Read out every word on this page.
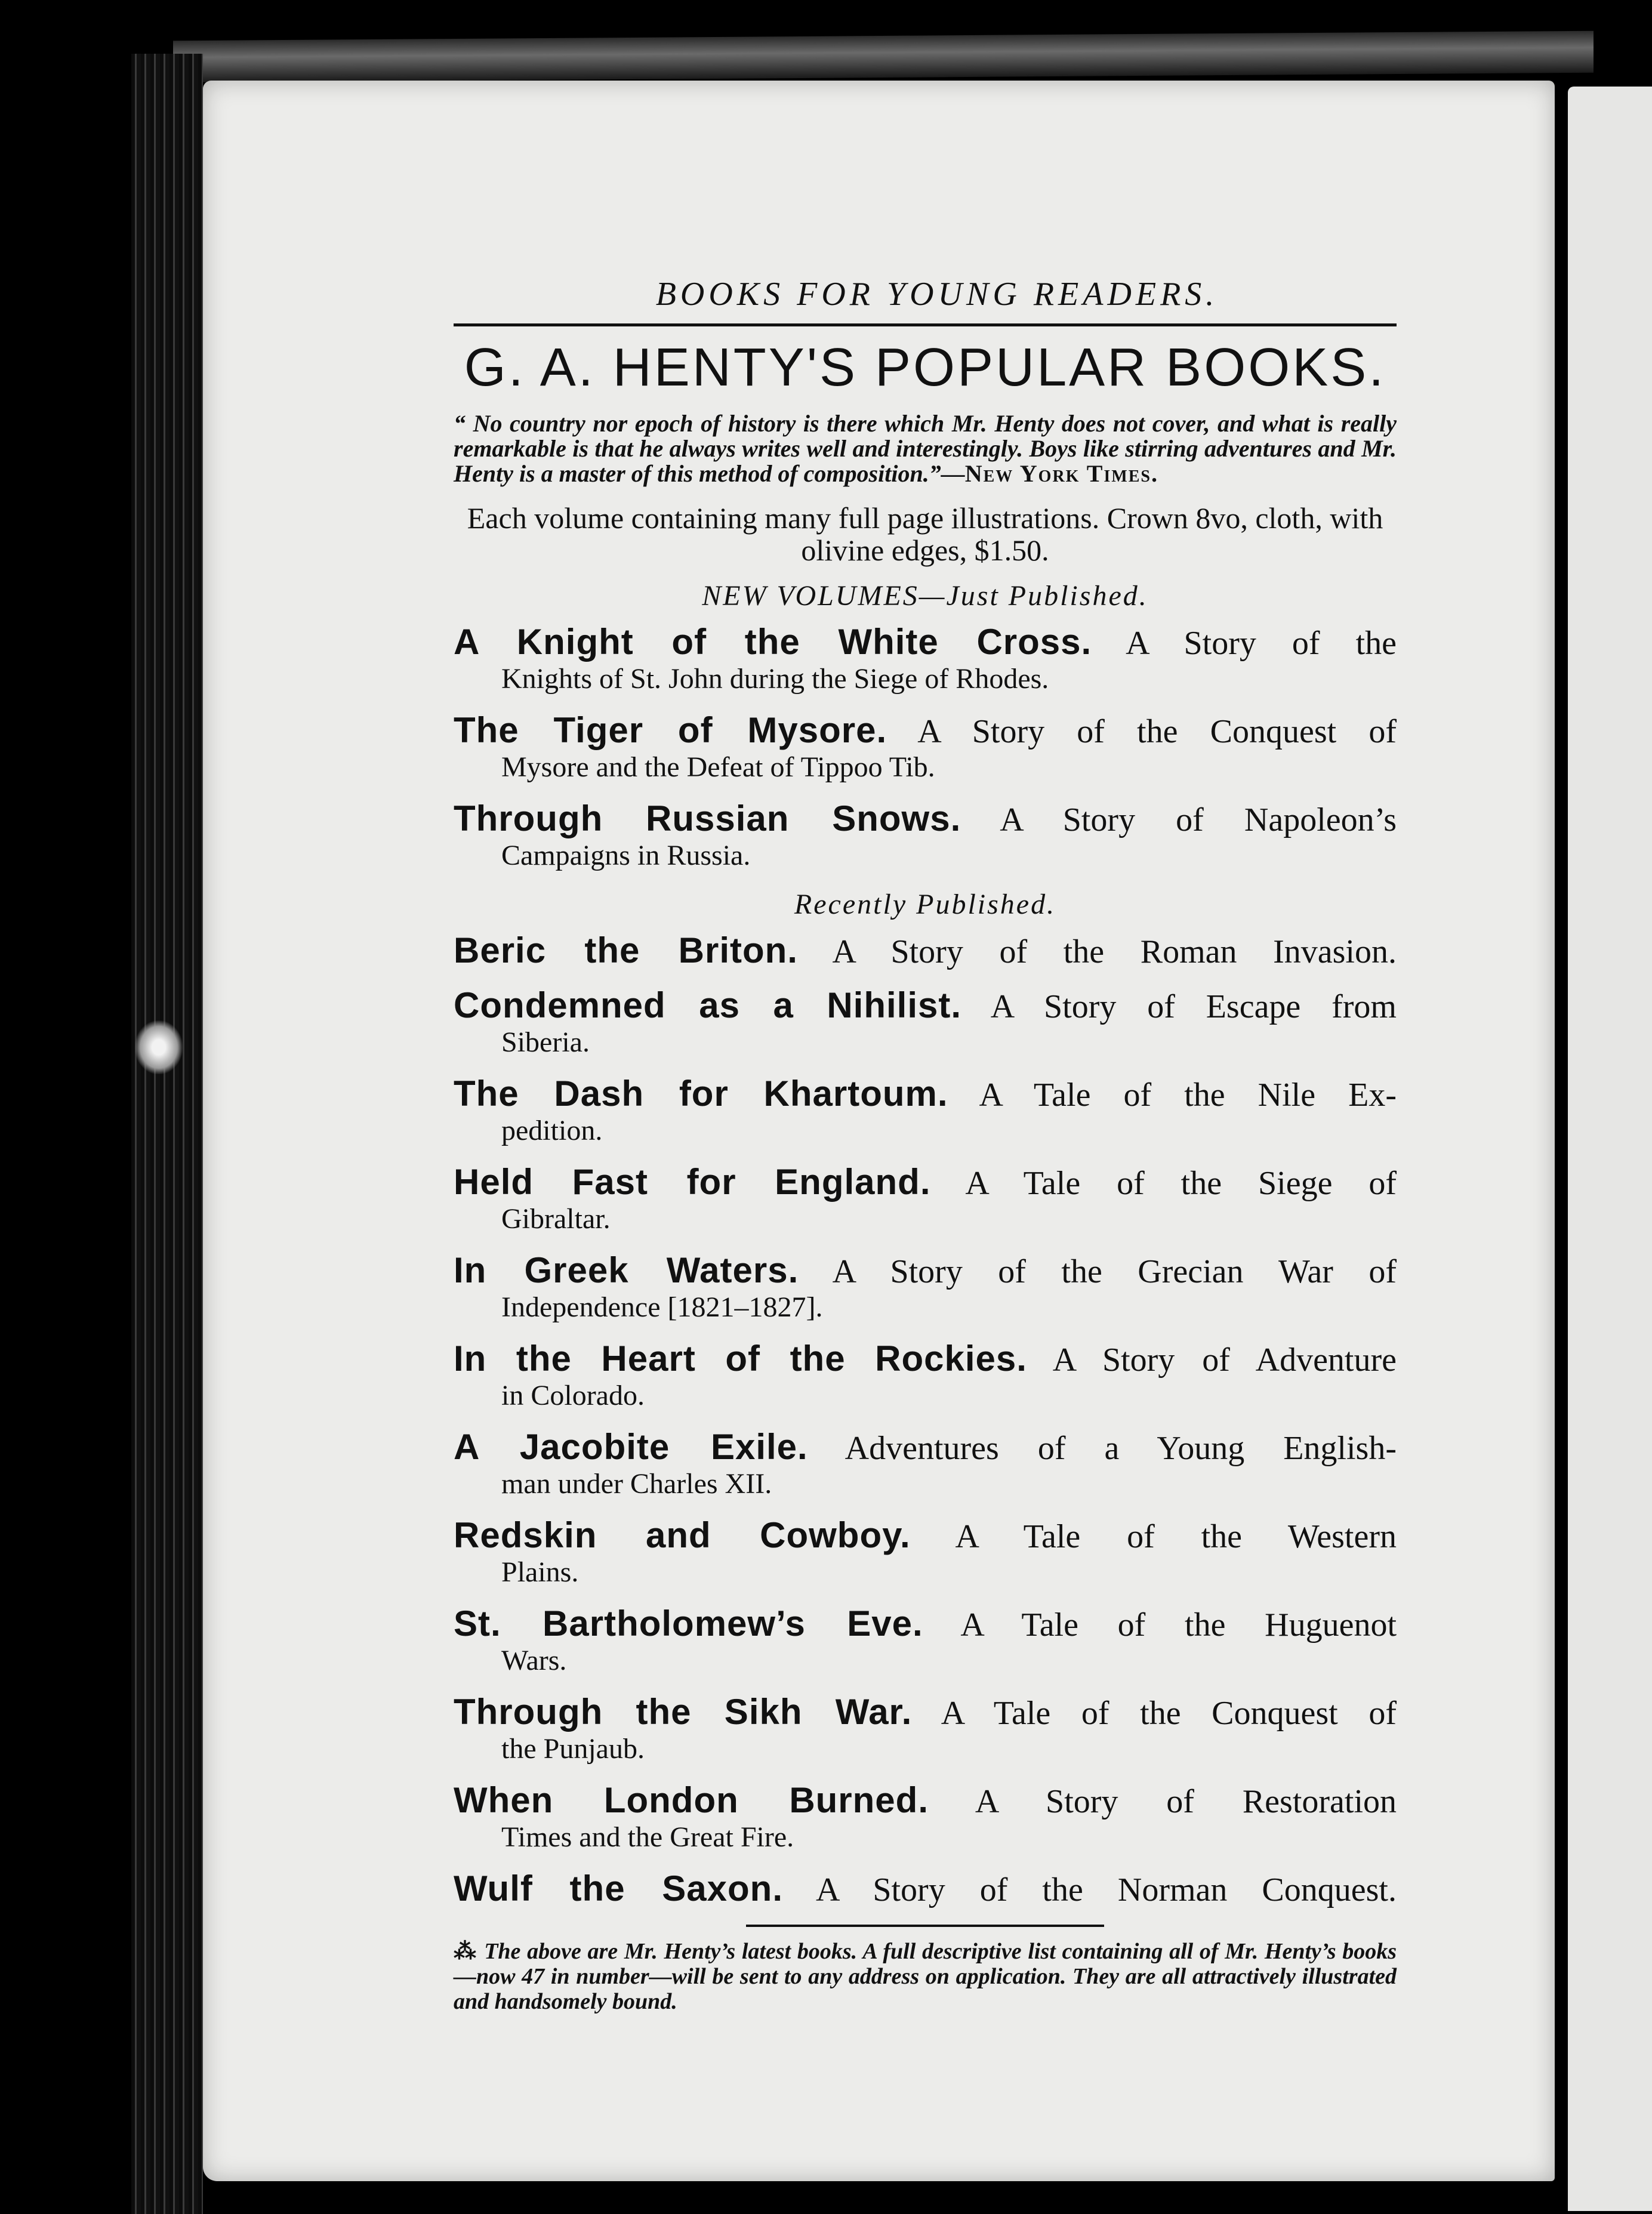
BOOKS FOR YOUNG READERS.
G. A. HENTY'S POPULAR BOOKS.
“ No country nor epoch of history is there which Mr. Henty does not cover, and what is really remarkable is that he always writes well and interestingly. Boys like stirring adventures and Mr. Henty is a master of this method of composition.”—New York Times.
Each volume containing many full page illustrations. Crown 8vo, cloth, with olivine edges, $1.50.
NEW VOLUMES—Just Published.
A Knight of the White Cross. A Story of the
Knights of St. John during the Siege of Rhodes.
The Tiger of Mysore. A Story of the Conquest of
Mysore and the Defeat of Tippoo Tib.
Through Russian Snows. A Story of Napoleon’s
Campaigns in Russia.
Recently Published.
Beric the Briton. A Story of the Roman Invasion.
Condemned as a Nihilist. A Story of Escape from
Siberia.
The Dash for Khartoum. A Tale of the Nile Ex-
pedition.
Held Fast for England. A Tale of the Siege of
Gibraltar.
In Greek Waters. A Story of the Grecian War of
Independence [1821–1827].
In the Heart of the Rockies. A Story of Adventure
in Colorado.
A Jacobite Exile. Adventures of a Young English-
man under Charles XII.
Redskin and Cowboy. A Tale of the Western
Plains.
St. Bartholomew’s Eve. A Tale of the Huguenot
Wars.
Through the Sikh War. A Tale of the Conquest of
the Punjaub.
When London Burned. A Story of Restoration
Times and the Great Fire.
Wulf the Saxon. A Story of the Norman Conquest.
⁂ The above are Mr. Henty’s latest books. A full descriptive list containing all of Mr. Henty’s books—now 47 in number—will be sent to any address on application. They are all attractively illustrated and handsomely bound.
